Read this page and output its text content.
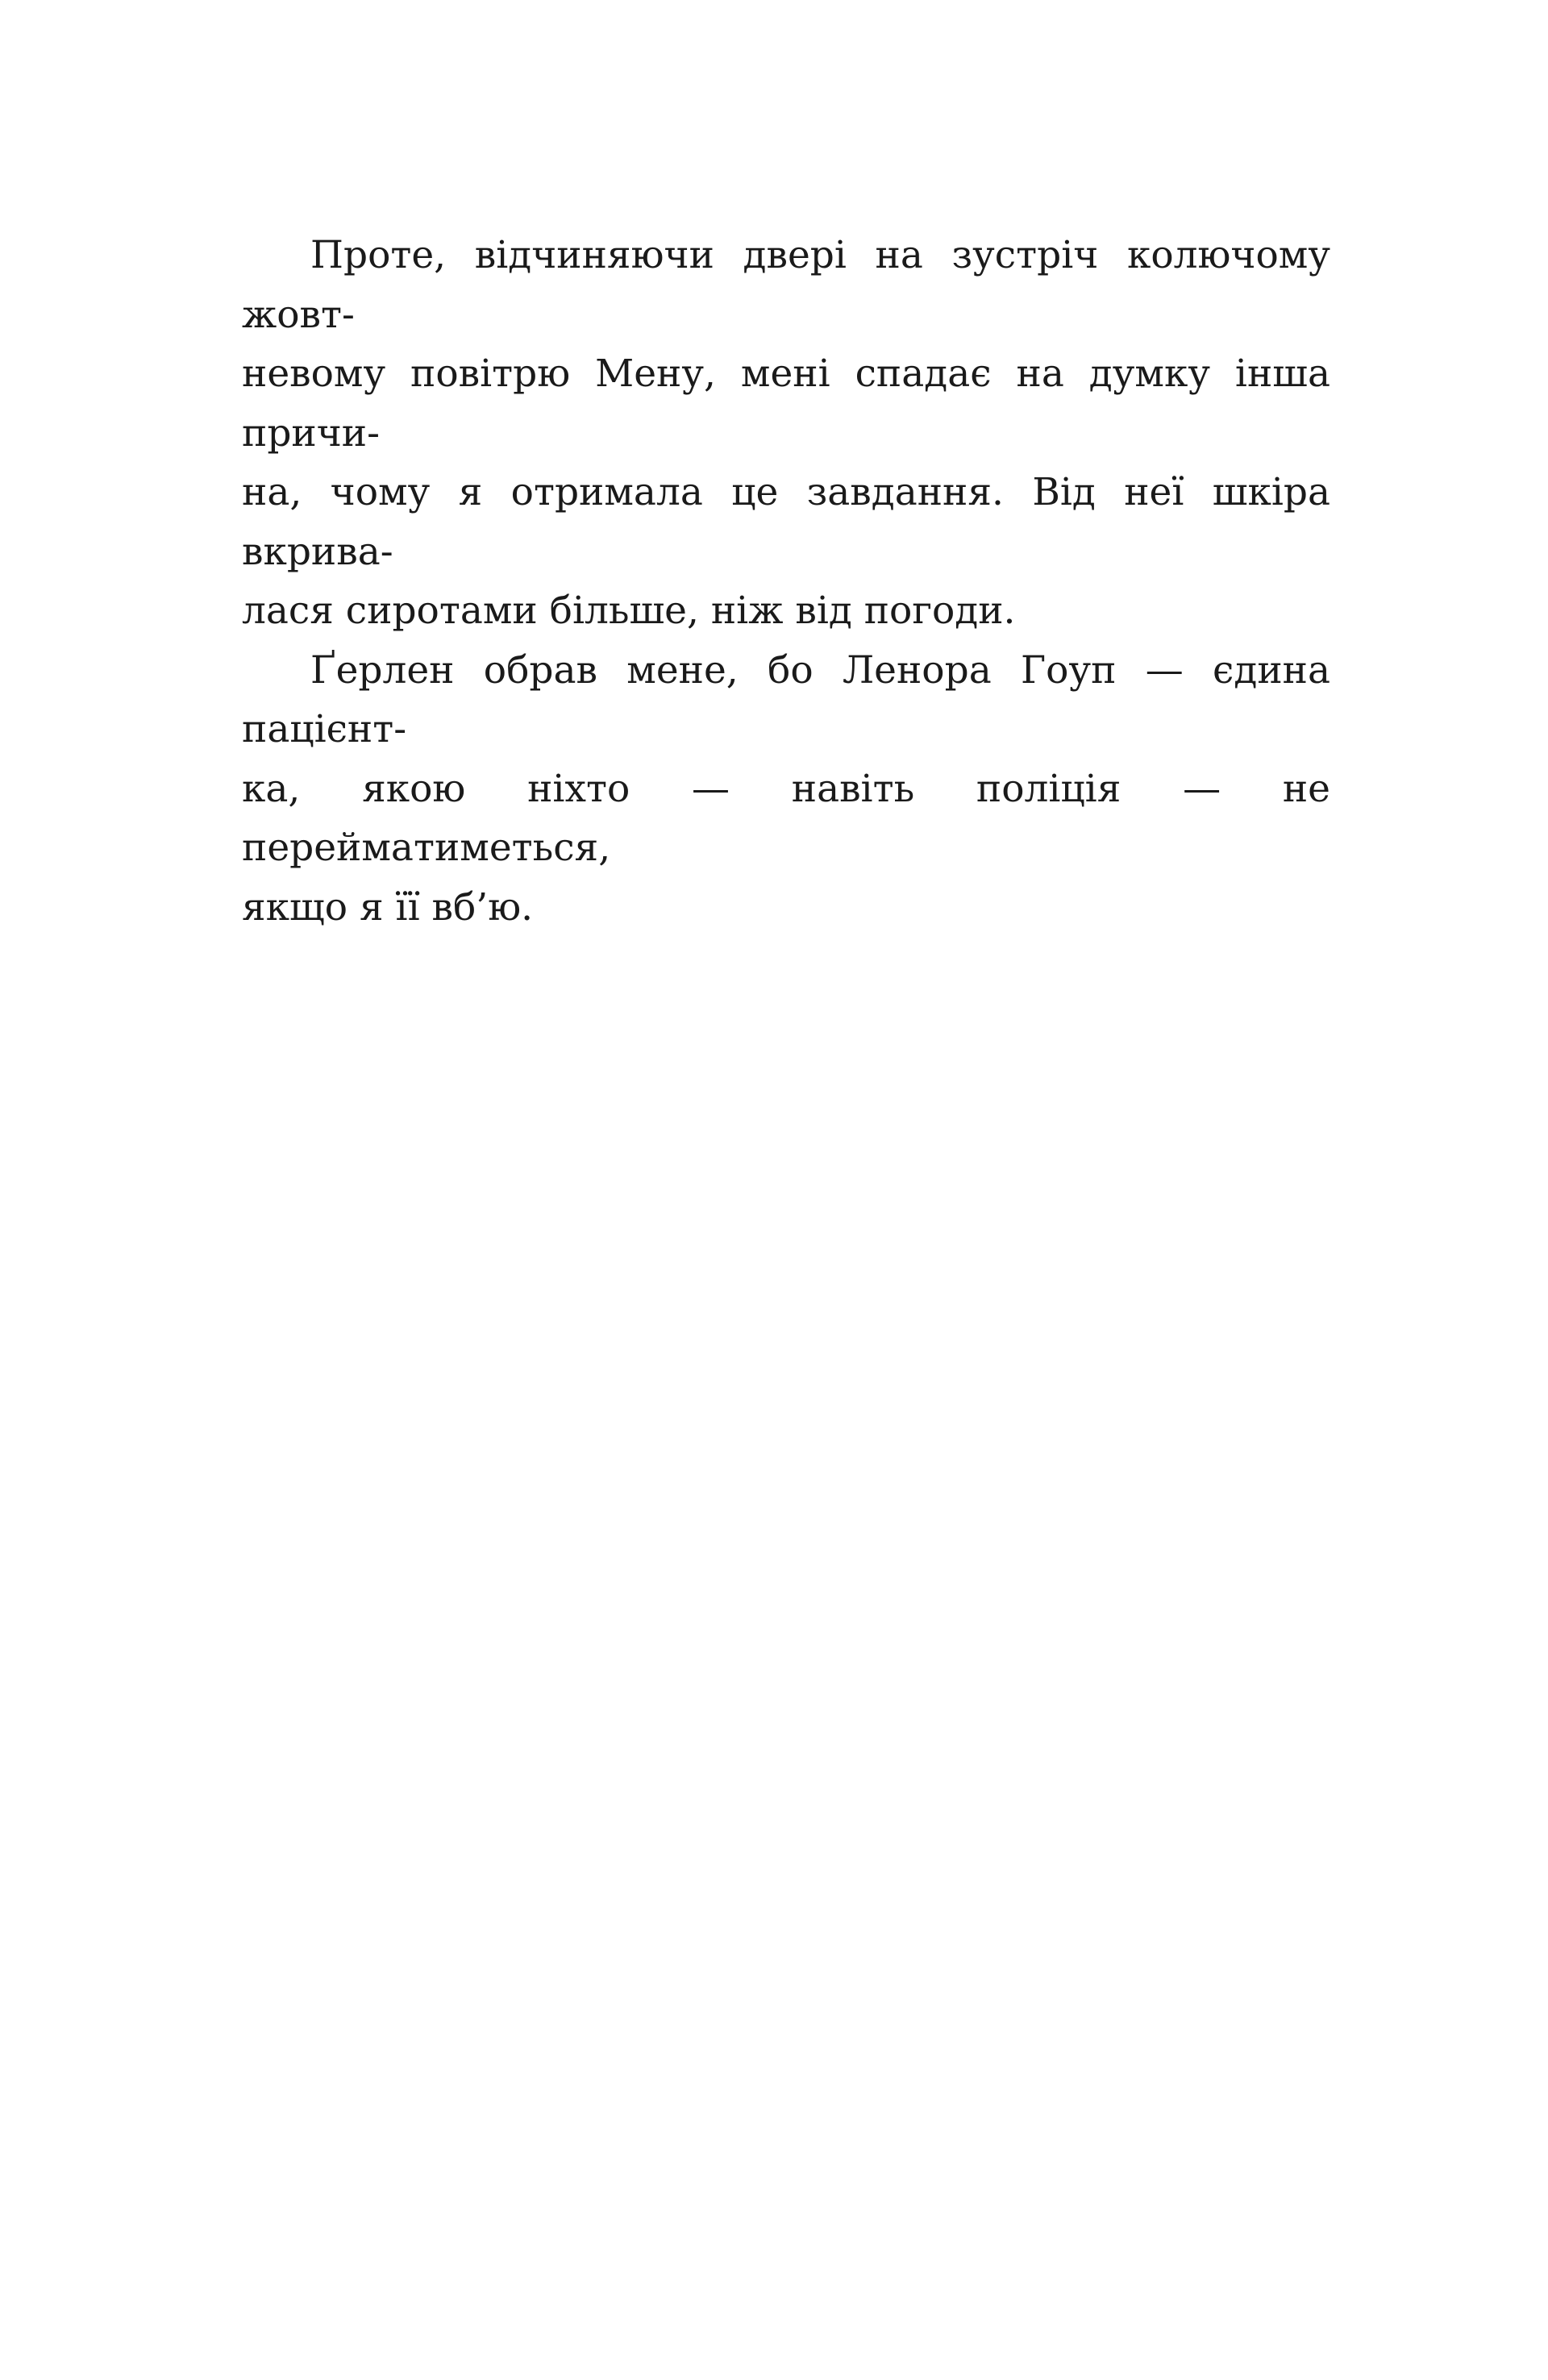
Проте, відчиняючи двері на зустріч колючому жовт-
невому повітрю Мену, мені спадає на думку інша причи-
на, чому я отримала це завдання. Від неї шкіра вкрива-
лася сиротами більше, ніж від погоди.
Ґерлен обрав мене, бо Ленора Гоуп — єдина пацієнт-
ка, якою ніхто — навіть поліція — не перейматиметься,
якщо я її вб’ю.
